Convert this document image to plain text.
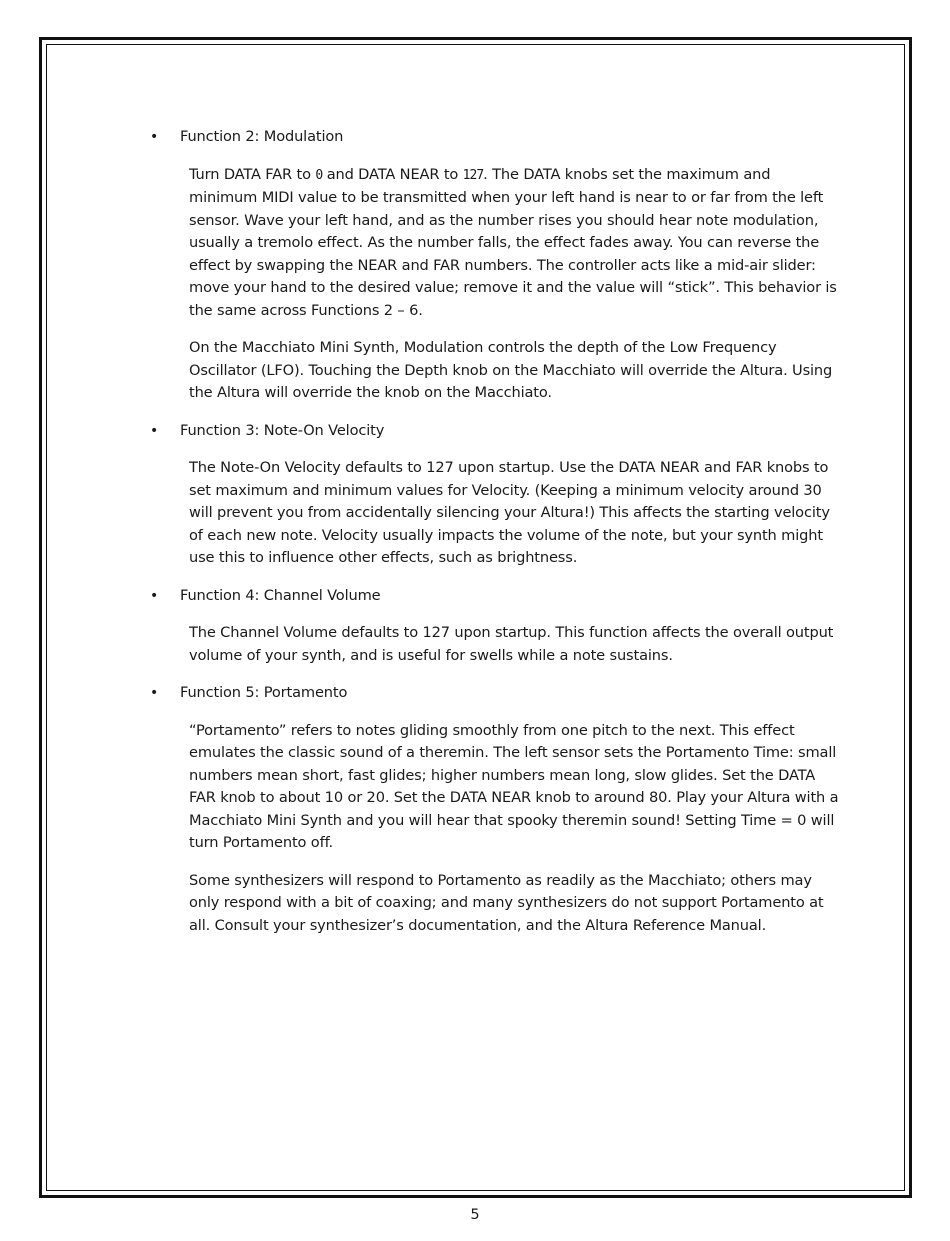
• Function 2: Modulation

Turn DATA FAR to 0 and DATA NEAR to 127. The DATA knobs set the maximum and minimum MIDI value to be transmitted when your left hand is near to or far from the left sensor. Wave your left hand, and as the number rises you should hear note modulation, usually a tremolo effect. As the number falls, the effect fades away. You can reverse the effect by swapping the NEAR and FAR numbers. The controller acts like a mid-air slider: move your hand to the desired value; remove it and the value will “stick”. This behavior is the same across Functions 2 – 6.

On the Macchiato Mini Synth, Modulation controls the depth of the Low Frequency Oscillator (LFO). Touching the Depth knob on the Macchiato will override the Altura. Using the Altura will override the knob on the Macchiato.

• Function 3: Note-On Velocity

The Note-On Velocity defaults to 127 upon startup. Use the DATA NEAR and FAR knobs to set maximum and minimum values for Velocity. (Keeping a minimum velocity around 30 will prevent you from accidentally silencing your Altura!) This affects the starting velocity of each new note. Velocity usually impacts the volume of the note, but your synth might use this to influence other effects, such as brightness.

• Function 4: Channel Volume

The Channel Volume defaults to 127 upon startup. This function affects the overall output volume of your synth, and is useful for swells while a note sustains.

• Function 5: Portamento

“Portamento” refers to notes gliding smoothly from one pitch to the next. This effect emulates the classic sound of a theremin. The left sensor sets the Portamento Time: small numbers mean short, fast glides; higher numbers mean long, slow glides. Set the DATA FAR knob to about 10 or 20. Set the DATA NEAR knob to around 80. Play your Altura with a Macchiato Mini Synth and you will hear that spooky theremin sound! Setting Time = 0 will turn Portamento off.

Some synthesizers will respond to Portamento as readily as the Macchiato; others may only respond with a bit of coaxing; and many synthesizers do not support Portamento at all. Consult your synthesizer’s documentation, and the Altura Reference Manual.

5
